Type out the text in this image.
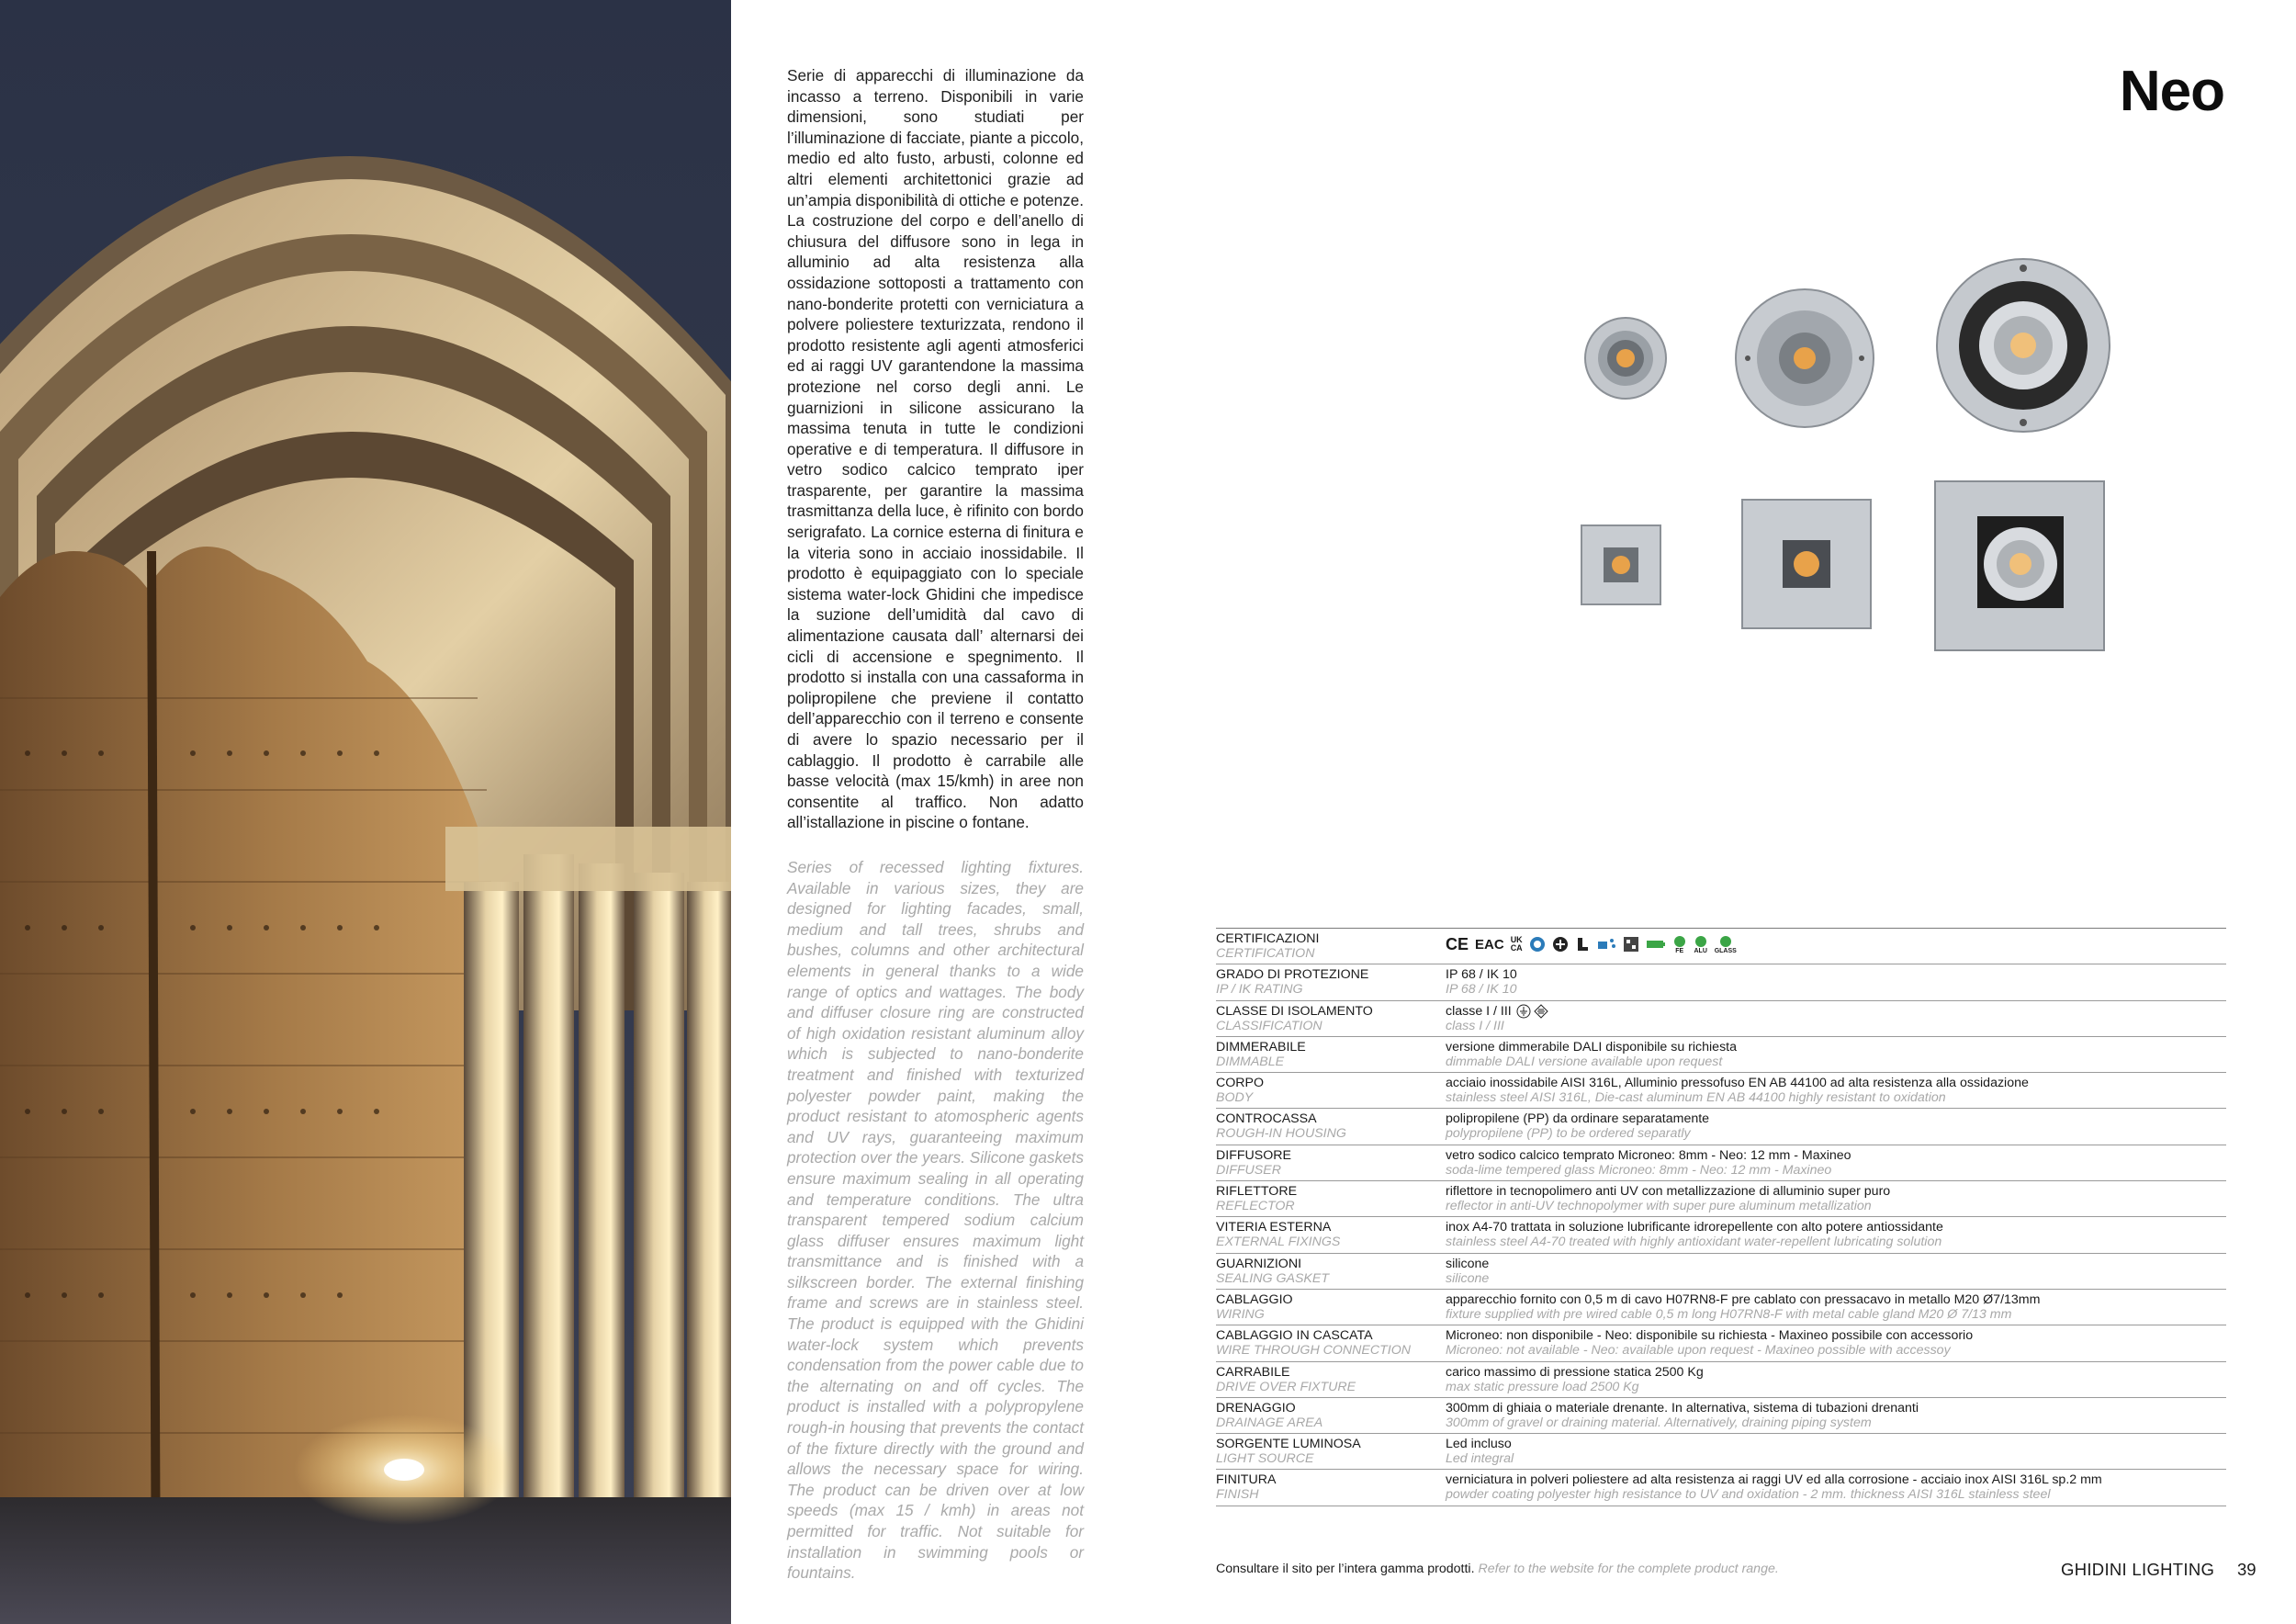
Serie di apparecchi di illuminazione da incasso a terreno. Disponibili in varie dimensioni, sono studiati per l’illuminazione di facciate, piante a piccolo, medio ed alto fusto, arbusti, colonne ed altri elementi architettonici grazie ad un’ampia disponibilità di ottiche e potenze. La costruzione del corpo e dell’anello di chiusura del diffusore sono in lega in alluminio ad alta resistenza alla ossidazione sottoposti a trattamento con nano-bonderite protetti con verniciatura a polvere poliestere texturizzata, rendono il prodotto resistente agli agenti atmosferici ed ai raggi UV garantendone la massima protezione nel corso degli anni. Le guarnizioni in silicone assicurano la massima tenuta in tutte le condizioni operative e di temperatura. Il diffusore in vetro sodico calcico temprato iper trasparente, per garantire la massima trasmittanza della luce, è rifinito con bordo serigrafato. La cornice esterna di finitura e la viteria sono in acciaio inossidabile. Il prodotto è equipaggiato con lo speciale sistema water-lock Ghidini che impedisce la suzione dell’umidità dal cavo di alimentazione causata dall’ alternarsi dei cicli di accensione e spegnimento. Il prodotto si installa con una cassaforma in polipropilene che previene il contatto dell’apparecchio con il terreno e consente di avere lo spazio necessario per il cablaggio. Il prodotto è carrabile alle basse velocità (max 15/kmh) in aree non consentite al traffico. Non adatto all’istallazione in piscine o fontane.

Series of recessed lighting fixtures. Available in various sizes, they are designed for lighting facades, small, medium and tall trees, shrubs and bushes, columns and other architectural elements in general thanks to a wide range of optics and wattages. The body and diffuser closure ring are constructed of high oxidation resistant aluminum alloy which is subjected to nano-bonderite treatment and finished with texturized polyester powder paint, making the product resistant to atomospheric agents and UV rays, guaranteeing maximum protection over the years. Silicone gaskets ensure maximum sealing in all operating and temperature conditions. The ultra transparent tempered sodium calcium glass diffuser ensures maximum light transmittance and is finished with a silkscreen border. The external finishing frame and screws are in stainless steel. The product is equipped with the Ghidini water-lock system which prevents condensation from the power cable due to the alternating on and off cycles. The product is installed with a polypropylene rough-in housing that prevents the contact of the fixture directly with the ground and allows the necessary space for wiring. The product can be driven over at low speeds (max 15 / kmh) in areas not permitted for traffic. Not suitable for installation in swimming pools or fountains.

Neo
CERTIFICAZIONI
CERTIFICATION
CE EAC UK
CA	FE ALU GLASS
GRADO DI PROTEZIONE
IP / IK RATING
IP 68 / IK 10
IP 68 / IK 10
CLASSE DI ISOLAMENTO
CLASSIFICATION
classe I / III
class I / III
DIMMERABILE
DIMMABLE
versione dimmerabile DALI disponibile su richiesta
dimmable DALI versione available upon request
CORPO
BODY
acciaio inossidabile AISI 316L, Alluminio pressofuso EN AB 44100 ad alta resistenza alla ossidazione
stainless steel AISI 316L, Die-cast aluminum EN AB 44100 highly resistant to oxidation
CONTROCASSA
ROUGH-IN HOUSING
polipropilene (PP) da ordinare separatamente
polypropilene (PP) to be ordered separatly
DIFFUSORE
DIFFUSER
vetro sodico calcico temprato Microneo: 8mm - Neo: 12 mm - Maxineo
soda-lime tempered glass Microneo: 8mm - Neo: 12 mm - Maxineo
RIFLETTORE
REFLECTOR
riflettore in tecnopolimero anti UV con metallizzazione di alluminio super puro
reflector in anti-UV technopolymer with super pure aluminum metallization
VITERIA ESTERNA
EXTERNAL FIXINGS
inox A4-70 trattata in soluzione lubrificante idrorepellente con alto potere antiossidante
stainless steel A4-70 treated with highly antioxidant water-repellent lubricating solution
GUARNIZIONI
SEALING GASKET
silicone
silicone
CABLAGGIO
WIRING
apparecchio fornito con 0,5 m di cavo H07RN8-F pre cablato con pressacavo in metallo M20 Ø7/13mm
fixture supplied with pre wired cable 0,5 m long H07RN8-F with metal cable gland M20 Ø 7/13 mm
CABLAGGIO IN CASCATA
WIRE THROUGH CONNECTION
Microneo: non disponibile - Neo: disponibile su richiesta - Maxineo possibile con accessorio
Microneo: not available - Neo: available upon request - Maxineo possible with accessoy
CARRABILE
DRIVE OVER FIXTURE
carico massimo di pressione statica 2500 Kg
max static pressure load 2500 Kg
DRENAGGIO
DRAINAGE AREA
300mm di ghiaia o materiale drenante. In alternativa, sistema di tubazioni drenanti
300mm of gravel or draining material. Alternatively, draining piping system
SORGENTE LUMINOSA
LIGHT SOURCE
Led incluso
Led integral
FINITURA
FINISH
verniciatura in polveri poliestere ad alta resistenza ai raggi UV ed alla corrosione - acciaio inox AISI 316L sp.2 mm
powder coating polyester high resistance to UV and oxidation - 2 mm. thickness AISI 316L stainless steel
Consultare il sito per l’intera gamma prodotti. Refer to the website for the complete product range.	GHIDINI LIGHTING 39
